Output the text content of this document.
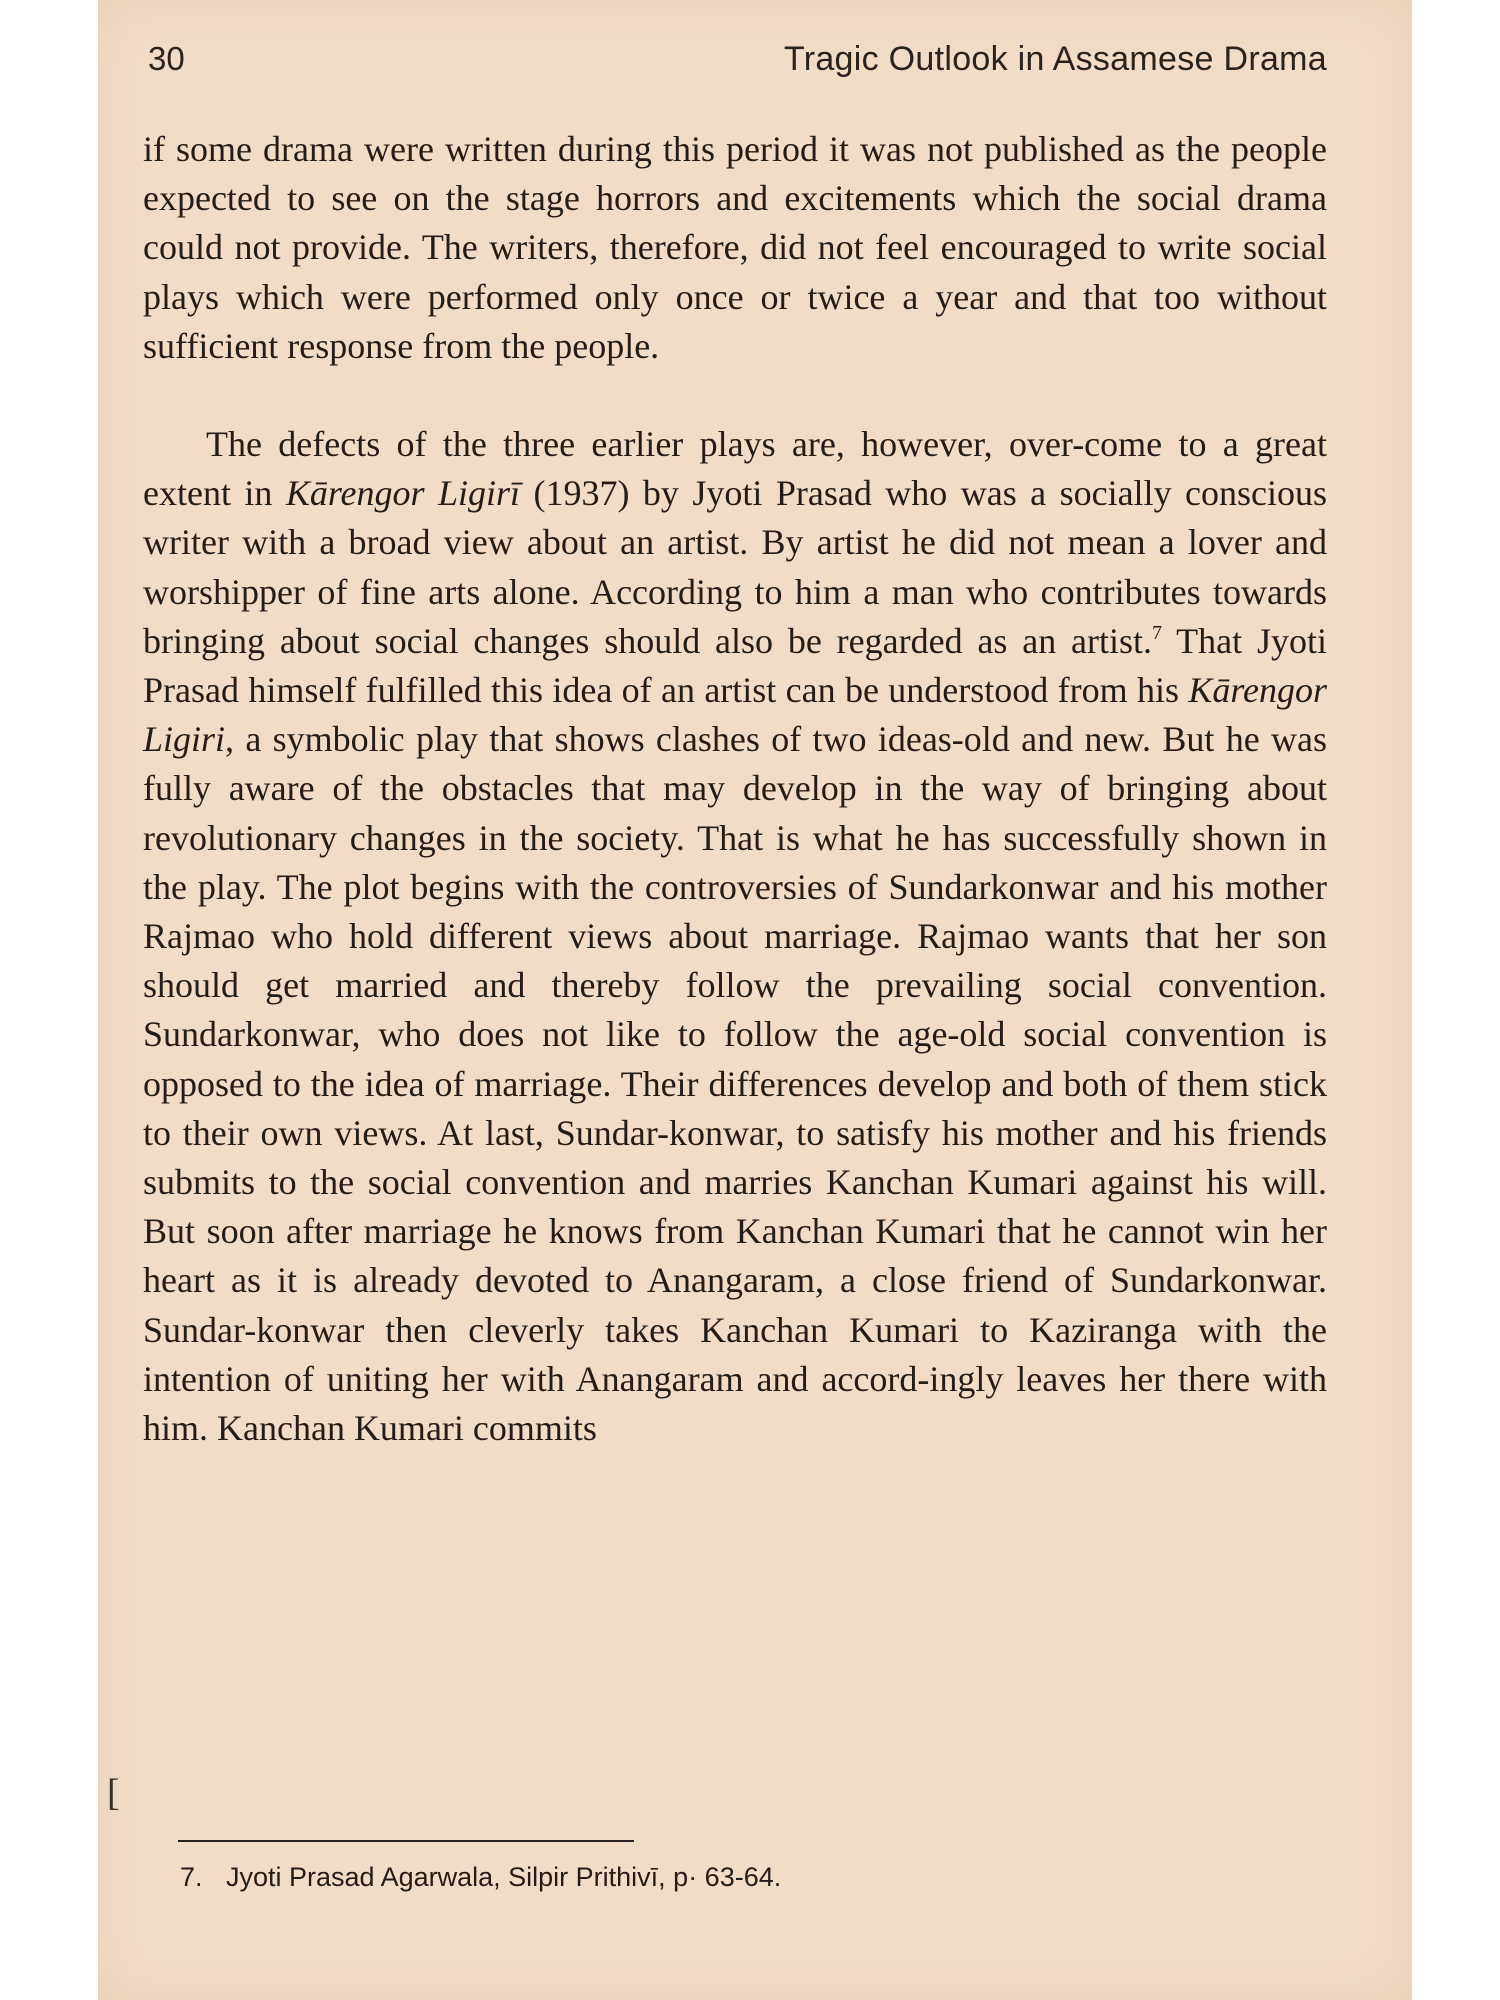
30	Tragic Outlook in Assamese Drama

if some drama were written during this period it was not published as the people expected to see on the stage horrors and excitements which the social drama could not provide. The writers, therefore, did not feel encouraged to write social plays which were performed only once or twice a year and that too without sufficient response from the people.

The defects of the three earlier plays are, however, over-come to a great extent in Kārengor Ligirī (1937) by Jyoti Prasad who was a socially conscious writer with a broad view about an artist. By artist he did not mean a lover and worshipper of fine arts alone. According to him a man who contributes towards bringing about social changes should also be regarded as an artist.$^7$ That Jyoti Prasad himself fulfilled this idea of an artist can be understood from his Kārengor Ligiri, a symbolic play that shows clashes of two ideas-old and new. But he was fully aware of the obstacles that may develop in the way of bringing about revolutionary changes in the society. That is what he has successfully shown in the play. The plot begins with the controversies of Sundarkonwar and his mother Rajmao who hold different views about marriage. Rajmao wants that her son should get married and thereby follow the prevailing social convention. Sundarkonwar, who does not like to follow the age-old social convention is opposed to the idea of marriage. Their differences develop and both of them stick to their own views. At last, Sundar-konwar, to satisfy his mother and his friends submits to the social convention and marries Kanchan Kumari against his will. But soon after marriage he knows from Kanchan Kumari that he cannot win her heart as it is already devoted to Anangaram, a close friend of Sundarkonwar. Sundar-konwar then cleverly takes Kanchan Kumari to Kaziranga with the intention of uniting her with Anangaram and accord-ingly leaves her there with him. Kanchan Kumari commits

[
7. Jyoti Prasad Agarwala, Silpir Prithivī, p· 63-64.
